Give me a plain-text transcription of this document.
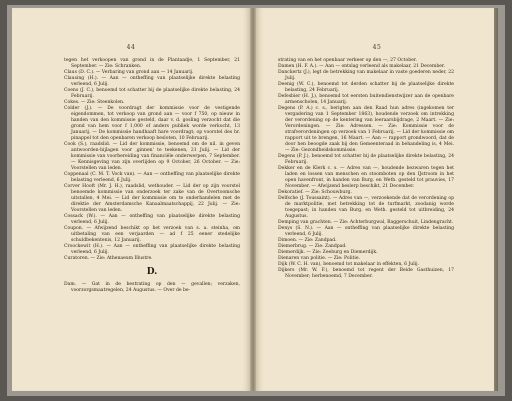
44

tegen het verkoopen van grond in de Plantaadje, 1 September, 21 September. — Zie: Schranken.

Claus (D. C.). — Verbaring van grond aan — 14 Januarij.

Clausing (H.). — Aan — ontheffing van plaatselijke direkte belasting verleend, 6 Julij.

Coens (J. C.), benoemd tot schatter bij de plaatselijke direkte belasting, 24 Februarij.

Cokes. — Zie: Steenkolen.

Colder (J.). — De voordragt der kommissie voor de vestigende eigendommen, tot verkoop van grond aan — voor f 750, op nieuw in handen van den kommissie gesteld, daar v. d. gosling verzocht dat die grond van hem voor f 1,000 of anders publiek worde verkocht, 13 Januarij. — De kommissie handhaaft hare voordragt; op voorstel des hr. pinappel tot den openbaren verkoop besloten, 10 Februarij.

Cook (S.), raadslid. — Lid der kommissie, benoemd om de nil. in geven antwoorden-bijlagen voor ‚ginnen' te teekenen, 21 Julij. — Lid der kommissie van voorbereiding van financiële onderwerpen, 7 September. — Kennisgeving van zijn overlijden op 9 October, 26 October. — Zie: Voorstellen van leden.

Coppenaal (C. M. T. Vock van). — Aan — ontheffing van plaatselijke direkte belasting verleend, 6 Julij.

Corver Hooft (Mr. J. H.), raadslid, wethouder. — Lid der op zijn voorstel benoemde kommissie van onderzoek ter zake van de Overtoomsche uitstallen, 4 Mei. — Lid der kommissie om te onderhandelen met de direktie der Amsterdamsche Kanaalmaatschappij, 22 Julij. — Zie: Voorstellen van leden.

Cossack (W.). — Aan — ontheffing van plaatselijke direkte belasting verleend, 6 Julij.

Coupon. — Afwijzend beschikt op het verzoek van s. a. steinha, om uitbetaling van een verjaarden — ad f 25 eener stedelijke schuldbekentenis, 12 Januarij.

Croockewit (H.). — Aan — ontheffing van plaatselijke direkte belasting verleend, 6 Julij.

Curatoren. — Zie: Athenaeum Illustre.

D.

Dam. — Gat in de bestrating op den — gevallen; verzaken, voorzorgsmaatregelen, 24 Augustus. — Over de be-

45

strating van en het openbaar verkeer op den —, 27 October.

Damen (H. F. A.). — Aan — ontslag verleend als makelaar, 21 December.

Danckertz (J.), legt de betrekking van makelaar in vaste goederen neder, 22 Julij.

Deenig (W. C.), benoemd tot derden schatter bij de plaatselijke direkte belasting, 24 Februarij.

Defesbier (H. J.), benoemd tot eersten buitendienstwijzer aan de openbare armenscholen, 14 Januarij.

Degens (P. A.) c. s., berigten aan den Raad hun adres (ingekomen ter vergadering van 1 September 1863), houdende verzoek om intrekking der verordening op de kentering van leeraarsbijdrage, 2 Maart. — Zie: Verordeningen. — Zie: Adressen. — Zie: Kommissie voor de strafverordeningen op verzoek van 1 Februarij. — Lid der kommissie om rapport uit te brengen, 16 Maart. — Aan — rapport grondwoord, dat de door hen beoogde zaak bij den Gemeenteraad in behandeling is, 4 Mei. — Zie: Gezondheidskommissie.

Degens (P. J.), benoemd tot schatter bij de plaatselijke direkte belasting, 24 Februarij.

Dekker en de Klerk c. s. — Adres van —, houdende bezwaren tegen het laden en lossen van menschen en stoomboten op den IJstroom in het open havenfront, in handen van Burg. en Weth. gesteld tot prauvies, 17 November. — Afwijzend beslerp beschikt, 21 December.

Dekoratief. — Zie: Schouwburg.

Delfsche (J. Toussaint). — Adres van —, verzoekende dat de verordening op de marktpolitie, met betrekking tot de turfmarkt, zoodanig worde toegepast; in handen van Burg. en Weth. gesteld tot uitbreiding, 24 Augustus.

Demping van grachten. — Zie: Achterburgwal, Baggerschuit, Lindengracht.

Denys (S. N.). — Aan — ontheffing van plaatselijke direkte belasting verleend, 6 Julij.

Dimoen. — Zie: Zandpad.

Diemerbrug. — Zie: Zandpad.

Diemerdijk. — Zie: Zeeburg en Diemerdijk.

Dienaren van politie. — Zie: Politie.

Dijk (W. C. H. van), benoemd tot makelaar in effekten, 6 Julij.

Dijkers (Mr. W. F.), benoemd tot regent der Beide Gasthuizen, 17 November; herbenoemd, 7 December.
